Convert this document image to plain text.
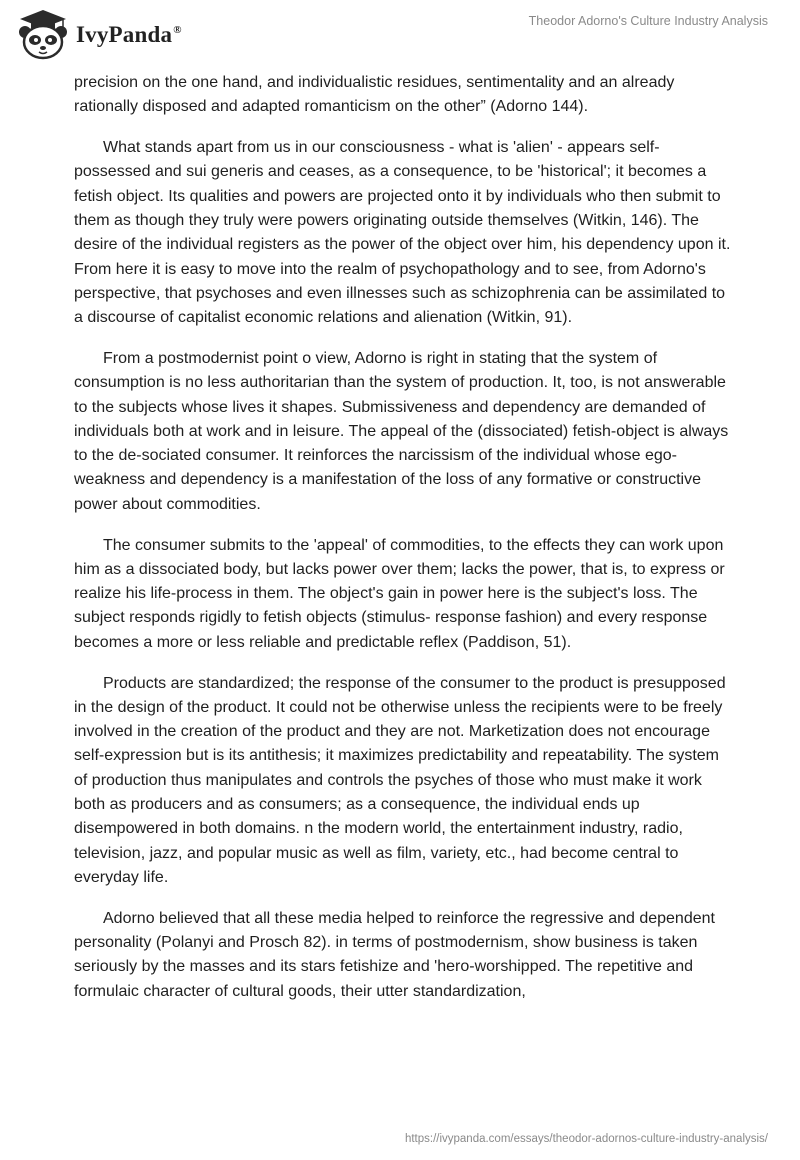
IvyPanda®
Theodor Adorno's Culture Industry Analysis

precision on the one hand, and individualistic residues, sentimentality and an already rationally disposed and adapted romanticism on the other” (Adorno 144).

What stands apart from us in our consciousness - what is 'alien' - appears self-possessed and sui generis and ceases, as a consequence, to be 'historical'; it becomes a fetish object. Its qualities and powers are projected onto it by individuals who then submit to them as though they truly were powers originating outside themselves (Witkin, 146). The desire of the individual registers as the power of the object over him, his dependency upon it. From here it is easy to move into the realm of psychopathology and to see, from Adorno's perspective, that psychoses and even illnesses such as schizophrenia can be assimilated to a discourse of capitalist economic relations and alienation (Witkin, 91).

From a postmodernist point o view, Adorno is right in stating that the system of consumption is no less authoritarian than the system of production. It, too, is not answerable to the subjects whose lives it shapes. Submissiveness and dependency are demanded of individuals both at work and in leisure. The appeal of the (dissociated) fetish-object is always to the de-sociated consumer. It reinforces the narcissism of the individual whose ego-weakness and dependency is a manifestation of the loss of any formative or constructive power about commodities.

The consumer submits to the 'appeal' of commodities, to the effects they can work upon him as a dissociated body, but lacks power over them; lacks the power, that is, to express or realize his life-process in them. The object's gain in power here is the subject's loss. The subject responds rigidly to fetish objects (stimulus- response fashion) and every response becomes a more or less reliable and predictable reflex (Paddison, 51).

Products are standardized; the response of the consumer to the product is presupposed in the design of the product. It could not be otherwise unless the recipients were to be freely involved in the creation of the product and they are not. Marketization does not encourage self-expression but is its antithesis; it maximizes predictability and repeatability. The system of production thus manipulates and controls the psyches of those who must make it work both as producers and as consumers; as a consequence, the individual ends up disempowered in both domains. n the modern world, the entertainment industry, radio, television, jazz, and popular music as well as film, variety, etc., had become central to everyday life.

Adorno believed that all these media helped to reinforce the regressive and dependent personality (Polanyi and Prosch 82). in terms of postmodernism, show business is taken seriously by the masses and its stars fetishize and 'hero-worshipped. The repetitive and formulaic character of cultural goods, their utter standardization,

https://ivypanda.com/essays/theodor-adornos-culture-industry-analysis/
